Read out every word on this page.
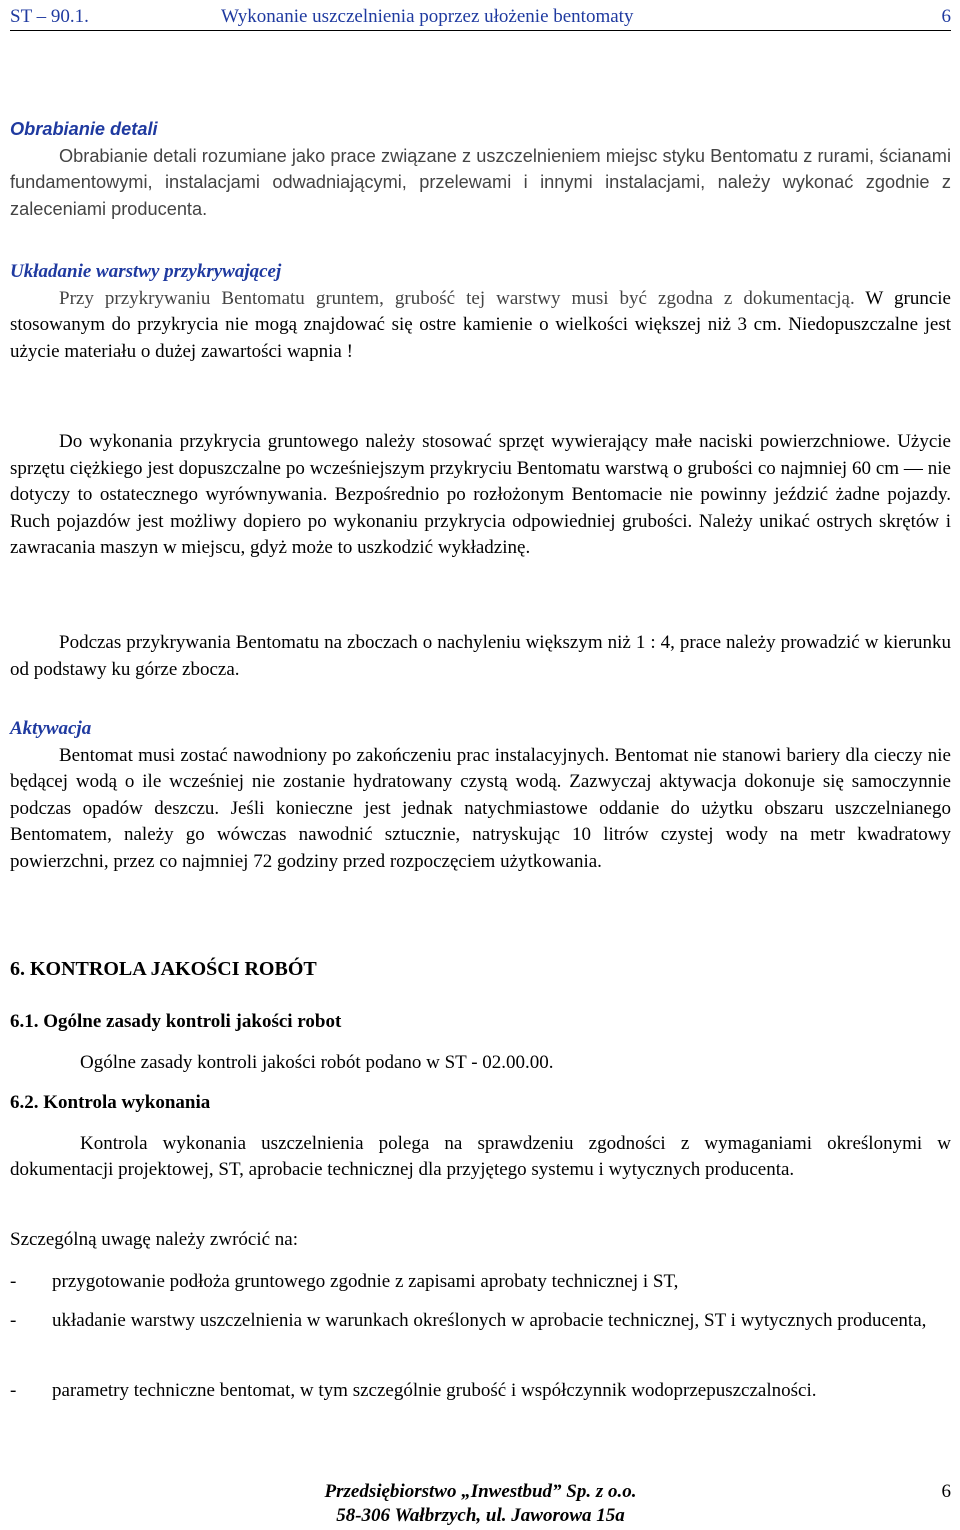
ST – 90.1.	Wykonanie uszczelnienia poprzez ułożenie bentomaty	6
Obrabianie detali

Obrabianie detali rozumiane jako prace związane z uszczelnieniem miejsc styku Bentomatu z rurami, ścianami fundamentowymi, instalacjami odwadniającymi, przelewami i innymi instalacjami, należy wykonać zgodnie z zaleceniami producenta.

Układanie warstwy przykrywającej

Przy przykrywaniu Bentomatu gruntem, grubość tej warstwy musi być zgodna z dokumentacją. W gruncie stosowanym do przykrycia nie mogą znajdować się ostre kamienie o wielkości większej niż 3 cm. Niedopuszczalne jest użycie materiału o dużej zawartości wapnia !

Do wykonania przykrycia gruntowego należy stosować sprzęt wywierający małe naciski powierzchniowe. Użycie sprzętu ciężkiego jest dopuszczalne po wcześniejszym przykryciu Bentomatu warstwą o grubości co najmniej 60 cm — nie dotyczy to ostatecznego wyrównywania. Bezpośrednio po rozłożonym Bentomacie nie powinny jeździć żadne pojazdy. Ruch pojazdów jest możliwy dopiero po wykonaniu przykrycia odpowiedniej grubości. Należy unikać ostrych skrętów i zawracania maszyn w miejscu, gdyż może to uszkodzić wykładzinę.

Podczas przykrywania Bentomatu na zboczach o nachyleniu większym niż 1 : 4, prace należy prowadzić w kierunku od podstawy ku górze zbocza.

Aktywacja

Bentomat musi zostać nawodniony po zakończeniu prac instalacyjnych. Bentomat nie stanowi bariery dla cieczy nie będącej wodą o ile wcześniej nie zostanie hydratowany czystą wodą. Zazwyczaj aktywacja dokonuje się samoczynnie podczas opadów deszczu. Jeśli konieczne jest jednak natychmiastowe oddanie do użytku obszaru uszczelnianego Bentomatem, należy go wówczas nawodnić sztucznie, natryskując 10 litrów czystej wody na metr kwadratowy powierzchni, przez co najmniej 72 godziny przed rozpoczęciem użytkowania.

6. KONTROLA JAKOŚCI ROBÓT
6.1. Ogólne zasady kontroli jakości robot

Ogólne zasady kontroli jakości robót podano w ST - 02.00.00.

6.2. Kontrola wykonania

Kontrola wykonania uszczelnienia polega na sprawdzeniu zgodności z wymaganiami określonymi w dokumentacji projektowej, ST, aprobacie technicznej dla przyjętego systemu i wytycznych producenta.

Szczególną uwagę należy zwrócić na:
- przygotowanie podłoża gruntowego zgodnie z zapisami aprobaty technicznej i ST,

- układanie warstwy uszczelnienia w warunkach określonych w aprobacie technicznej, ST i wytycznych producenta,

- parametry techniczne bentomat, w tym szczególnie grubość i współczynnik wodoprzepuszczalności.

Przedsiębiorstwo „Inwestbud” Sp. z o.o.
58-306 Wałbrzych, ul. Jaworowa 15a
6
